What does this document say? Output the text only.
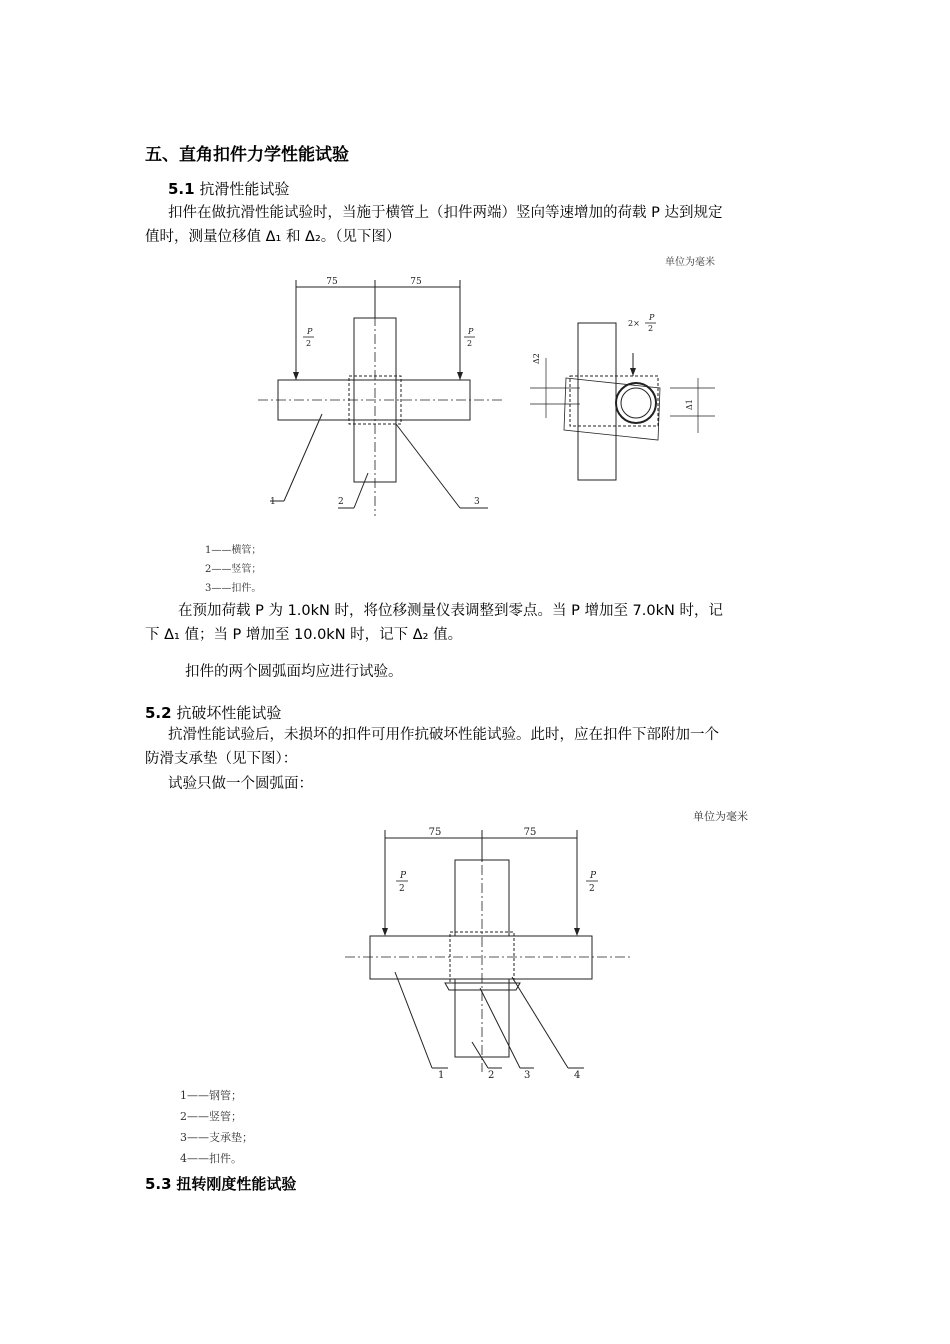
五、直角扣件力学性能试验
5.1 抗滑性能试验
扣件在做抗滑性能试验时，当施于横管上（扣件两端）竖向等速增加的荷载 P 达到规定
值时，测量位移值 Δ₁ 和 Δ₂。（见下图）
单位为毫米
75	75
P
2
P
2
2×
P
2
Δ2
Δ1
1	2	3
1——横管；
2——竖管；
3——扣件。
在预加荷载 P 为 1.0kN 时，将位移测量仪表调整到零点。当 P 增加至 7.0kN 时，记
下 Δ₁ 值；当 P 增加至 10.0kN 时，记下 Δ₂ 值。
扣件的两个圆弧面均应进行试验。
5.2 抗破坏性能试验
抗滑性能试验后，未损坏的扣件可用作抗破坏性能试验。此时，应在扣件下部附加一个
防滑支承垫（见下图）：
试验只做一个圆弧面：
单位为毫米
75	75
P
2
P
2
1	2	3	4
1——钢管；
2——竖管；
3——支承垫；
4——扣件。
5.3 扭转刚度性能试验
